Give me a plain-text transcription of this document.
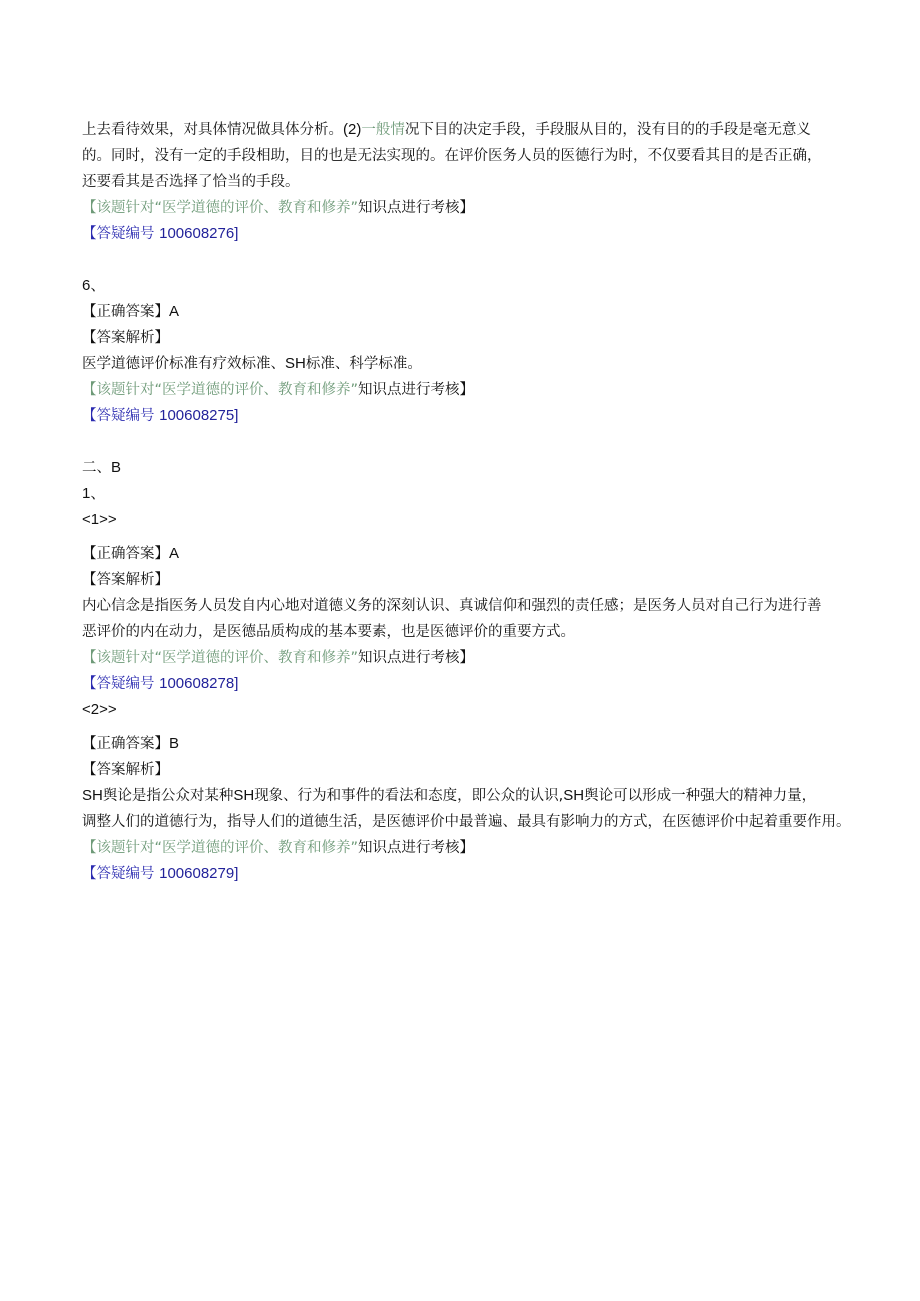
上去看待效果，对具体情况做具体分析。(2)一般情况下目的决定手段，手段服从目的，没有目的的手段是毫无意义
的。同时，没有一定的手段相助，目的也是无法实现的。在评价医务人员的医德行为时，不仅要看其目的是否正确，
还要看其是否选择了恰当的手段。
【该题针对“医学道德的评价、教育和修养”知识点进行考核】
【答疑编号 100608276]
6、
【正确答案】A
【答案解析】
医学道德评价标准有疗效标准、SH标准、科学标准。
【该题针对“医学道德的评价、教育和修养”知识点进行考核】
【答疑编号 100608275]
二、B
1、
<1>>
【正确答案】A
【答案解析】
内心信念是指医务人员发自内心地对道德义务的深刻认识、真诚信仰和强烈的责任感；是医务人员对自己行为进行善
恶评价的内在动力，是医德品质构成的基本要素，也是医德评价的重要方式。
【该题针对“医学道德的评价、教育和修养”知识点进行考核】
【答疑编号 100608278]
<2>>
【正确答案】B
【答案解析】
SH舆论是指公众对某种SH现象、行为和事件的看法和态度，即公众的认识,SH舆论可以形成一种强大的精神力量，
调整人们的道德行为，指导人们的道德生活，是医德评价中最普遍、最具有影响力的方式，在医德评价中起着重要作用。
【该题针对“医学道德的评价、教育和修养”知识点进行考核】
【答疑编号 100608279]
